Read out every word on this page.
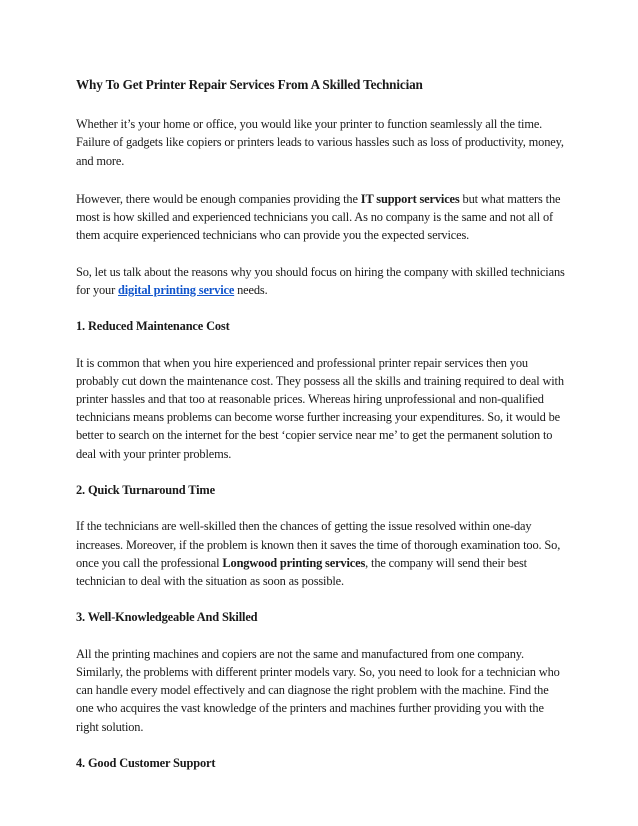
Why To Get Printer Repair Services From A Skilled Technician

Whether it’s your home or office, you would like your printer to function seamlessly all the time. Failure of gadgets like copiers or printers leads to various hassles such as loss of productivity, money, and more.

However, there would be enough companies providing the IT support services but what matters the most is how skilled and experienced technicians you call. As no company is the same and not all of them acquire experienced technicians who can provide you the expected services.

So, let us talk about the reasons why you should focus on hiring the company with skilled technicians for your digital printing service needs.

1. Reduced Maintenance Cost

It is common that when you hire experienced and professional printer repair services then you probably cut down the maintenance cost. They possess all the skills and training required to deal with printer hassles and that too at reasonable prices. Whereas hiring unprofessional and non-qualified technicians means problems can become worse further increasing your expenditures. So, it would be better to search on the internet for the best ‘copier service near me’ to get the permanent solution to deal with your printer problems.

2. Quick Turnaround Time

If the technicians are well-skilled then the chances of getting the issue resolved within one-day increases. Moreover, if the problem is known then it saves the time of thorough examination too. So, once you call the professional Longwood printing services, the company will send their best technician to deal with the situation as soon as possible.

3. Well-Knowledgeable And Skilled

All the printing machines and copiers are not the same and manufactured from one company. Similarly, the problems with different printer models vary. So, you need to look for a technician who can handle every model effectively and can diagnose the right problem with the machine. Find the one who acquires the vast knowledge of the printers and machines further providing you with the right solution.

4. Good Customer Support
